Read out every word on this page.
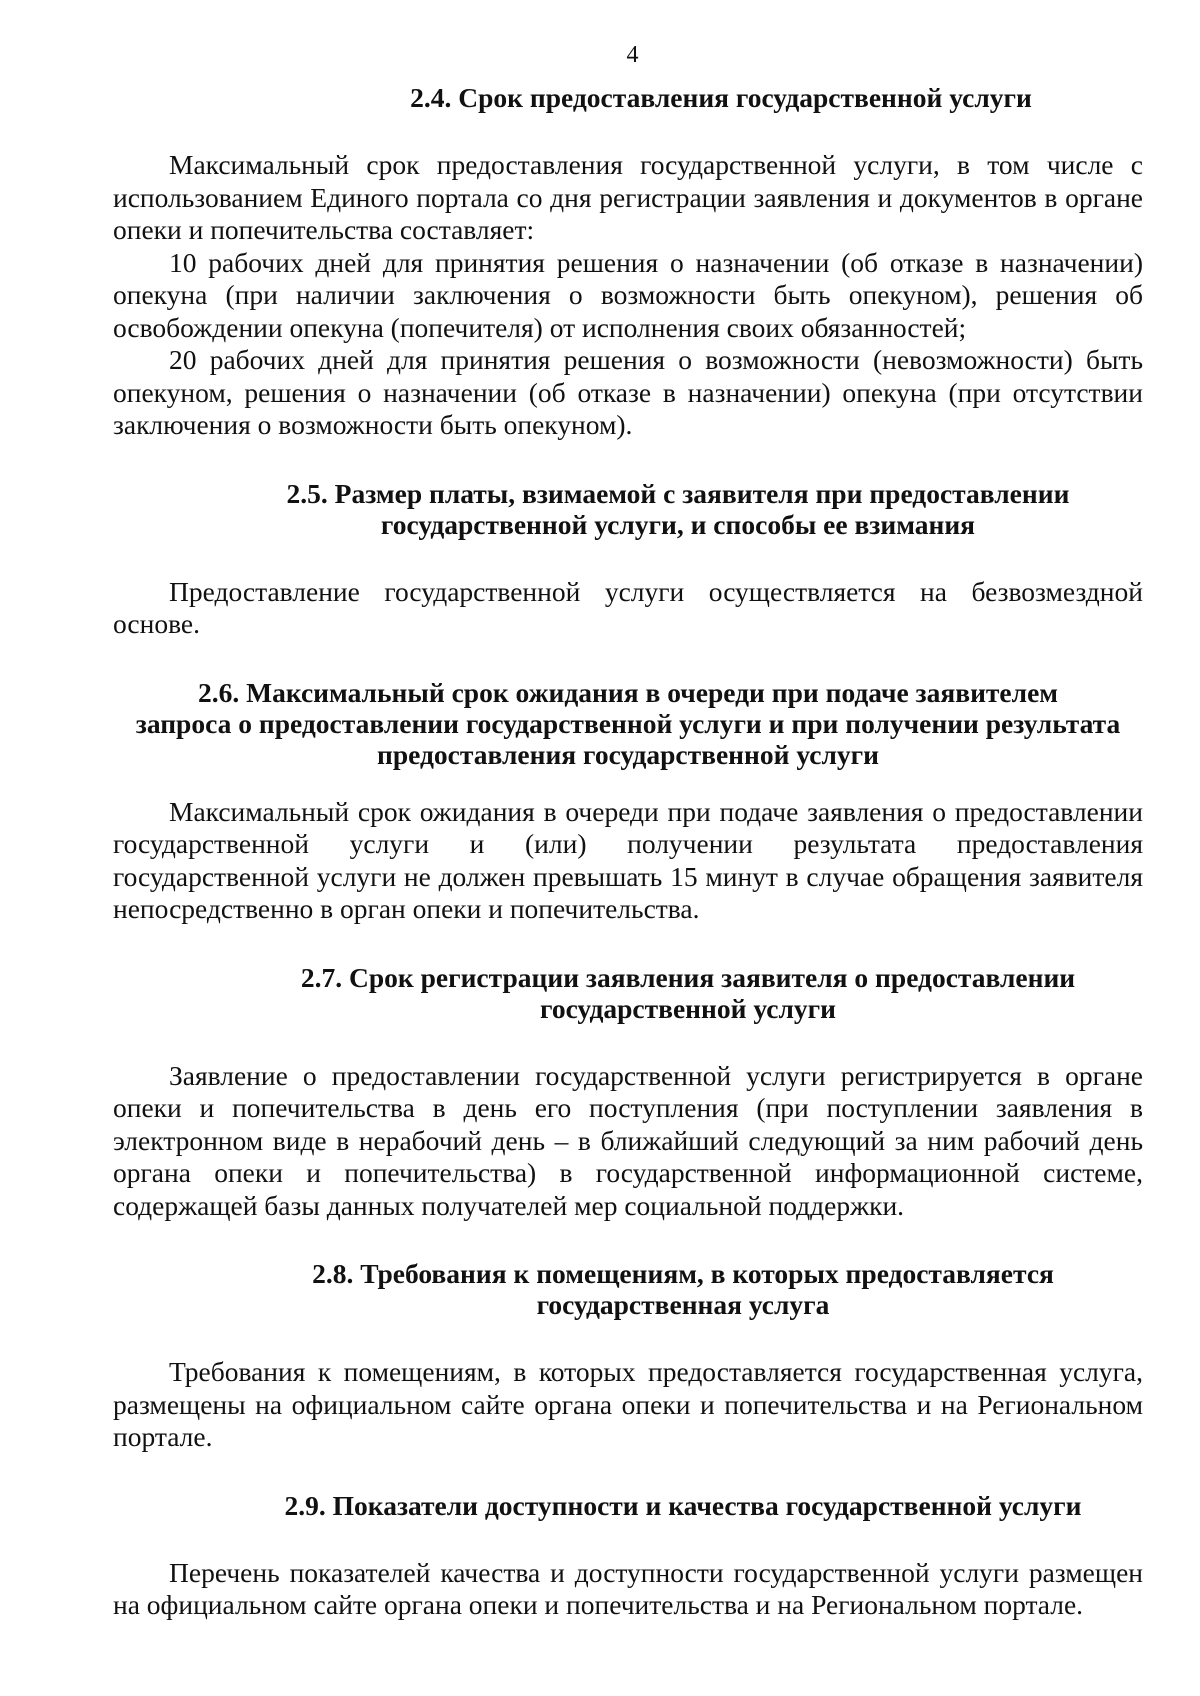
4

2.4. Срок предоставления государственной услуги

Максимальный срок предоставления государственной услуги, в том числе с использованием Единого портала со дня регистрации заявления и документов в органе опеки и попечительства составляет:

10 рабочих дней для принятия решения о назначении (об отказе в назначении) опекуна (при наличии заключения о возможности быть опекуном), решения об освобождении опекуна (попечителя) от исполнения своих обязанностей;

20 рабочих дней для принятия решения о возможности (невозможности) быть опекуном, решения о назначении (об отказе в назначении) опекуна (при отсутствии заключения о возможности быть опекуном).

2.5. Размер платы, взимаемой с заявителя при предоставлении

государственной услуги, и способы ее взимания

Предоставление государственной услуги осуществляется на безвозмездной основе.

2.6. Максимальный срок ожидания в очереди при подаче заявителем

запроса о предоставлении государственной услуги и при получении результата

предоставления государственной услуги

Максимальный срок ожидания в очереди при подаче заявления о предоставлении государственной услуги и (или) получении результата предоставления государственной услуги не должен превышать 15 минут в случае обращения заявителя непосредственно в орган опеки и попечительства.

2.7. Срок регистрации заявления заявителя о предоставлении

государственной услуги

Заявление о предоставлении государственной услуги регистрируется в органе опеки и попечительства в день его поступления (при поступлении заявления в электронном виде в нерабочий день – в ближайший следующий за ним рабочий день органа опеки и попечительства) в государственной информационной системе, содержащей базы данных получателей мер социальной поддержки.

2.8. Требования к помещениям, в которых предоставляется

государственная услуга

Требования к помещениям, в которых предоставляется государственная услуга, размещены на официальном сайте органа опеки и попечительства и на Региональном портале.

2.9. Показатели доступности и качества государственной услуги

Перечень показателей качества и доступности государственной услуги размещен на официальном сайте органа опеки и попечительства и на Региональном портале.
